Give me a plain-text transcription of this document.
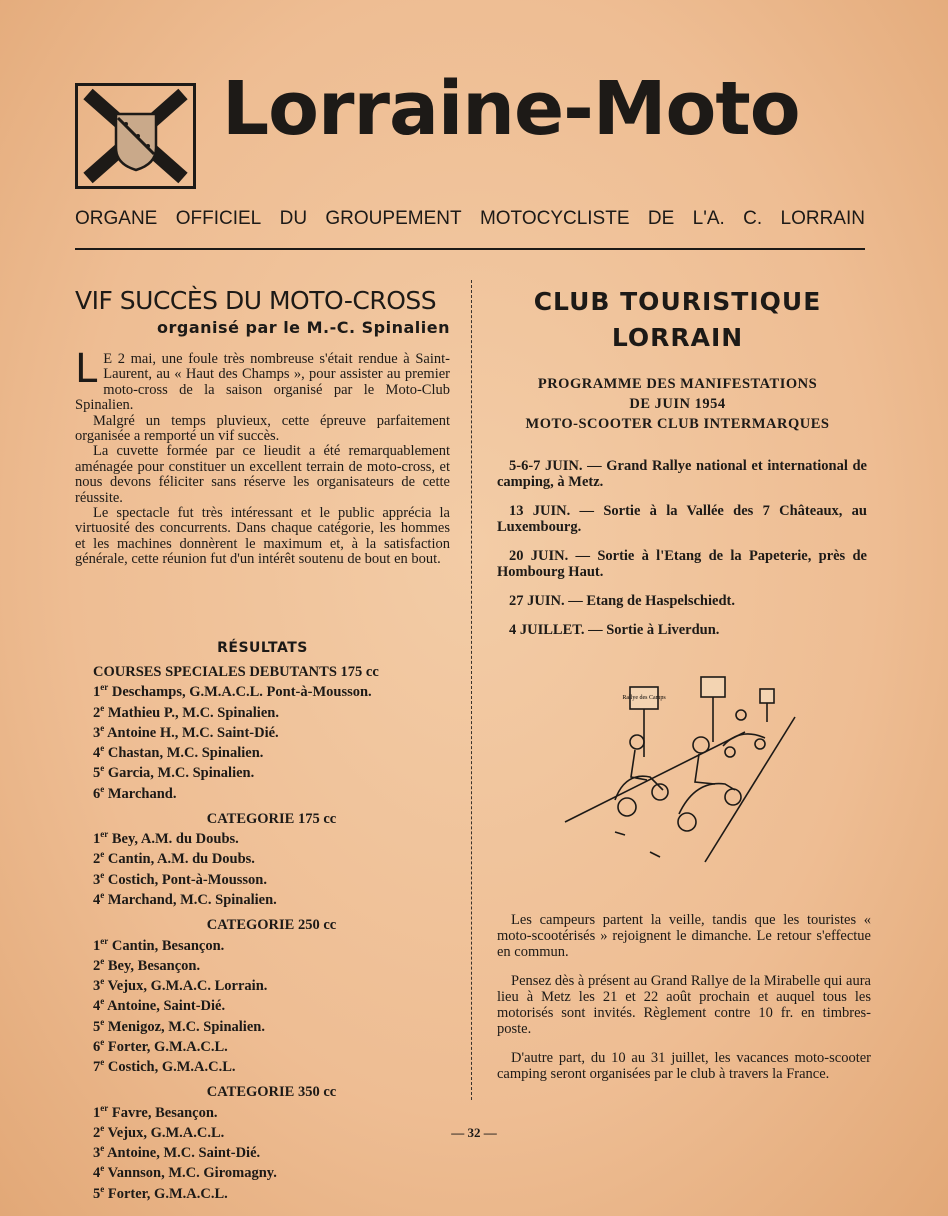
Lorraine-Moto
ORGANE OFFICIEL DU GROUPEMENT MOTOCYCLISTE DE L'A. C. LORRAIN
VIF SUCCÈS DU MOTO-CROSS
organisé par le M.-C. Spinalien

L E 2 mai, une foule très nombreuse s'était rendue à Saint-Laurent, au « Haut des Champs », pour assister au premier moto-cross de la saison organisé par le Moto-Club Spinalien.

Malgré un temps pluvieux, cette épreuve parfaitement organisée a remporté un vif succès.

La cuvette formée par ce lieudit a été remarquablement aménagée pour constituer un excellent terrain de moto-cross, et nous devons féliciter sans réserve les organisateurs de cette réussite.

Le spectacle fut très intéressant et le public apprécia la virtuosité des concurrents. Dans chaque catégorie, les hommes et les machines donnèrent le maximum et, à la satisfaction générale, cette réunion fut d'un intérêt soutenu de bout en bout.

RÉSULTATS
COURSES SPECIALES DEBUTANTS 175 cc
1er Deschamps, G.M.A.C.L. Pont-à-Mousson.
2e Mathieu P., M.C. Spinalien.
3e Antoine H., M.C. Saint-Dié.
4e Chastan, M.C. Spinalien.
5e Garcia, M.C. Spinalien.
6e Marchand.
CATEGORIE 175 cc
1er Bey, A.M. du Doubs.
2e Cantin, A.M. du Doubs.
3e Costich, Pont-à-Mousson.
4e Marchand, M.C. Spinalien.
CATEGORIE 250 cc
1er Cantin, Besançon.
2e Bey, Besançon.
3e Vejux, G.M.A.C. Lorrain.
4e Antoine, Saint-Dié.
5e Menigoz, M.C. Spinalien.
6e Forter, G.M.A.C.L.
7e Costich, G.M.A.C.L.
CATEGORIE 350 cc
1er Favre, Besançon.
2e Vejux, G.M.A.C.L.
3e Antoine, M.C. Saint-Dié.
4e Vannson, M.C. Giromagny.
5e Forter, G.M.A.C.L.
CLUB TOURISTIQUE
LORRAIN
PROGRAMME DES MANIFESTATIONS
DE JUIN 1954
MOTO-SCOOTER CLUB INTERMARQUES

5-6-7 JUIN. — Grand Rallye national et international de camping, à Metz.

13 JUIN. — Sortie à la Vallée des 7 Châteaux, au Luxembourg.

20 JUIN. — Sortie à l'Etang de la Papeterie, près de Hombourg Haut.

27 JUIN. — Etang de Haspelschiedt.

4 JUILLET. — Sortie à Liverdun.

Rallye des Camps

Les campeurs partent la veille, tandis que les touristes « moto-scootérisés » rejoignent le dimanche. Le retour s'effectue en commun.

Pensez dès à présent au Grand Rallye de la Mirabelle qui aura lieu à Metz les 21 et 22 août prochain et auquel tous les motorisés sont invités. Règlement contre 10 fr. en timbres-poste.

D'autre part, du 10 au 31 juillet, les vacances moto-scooter camping seront organisées par le club à travers la France.

— 32 —
